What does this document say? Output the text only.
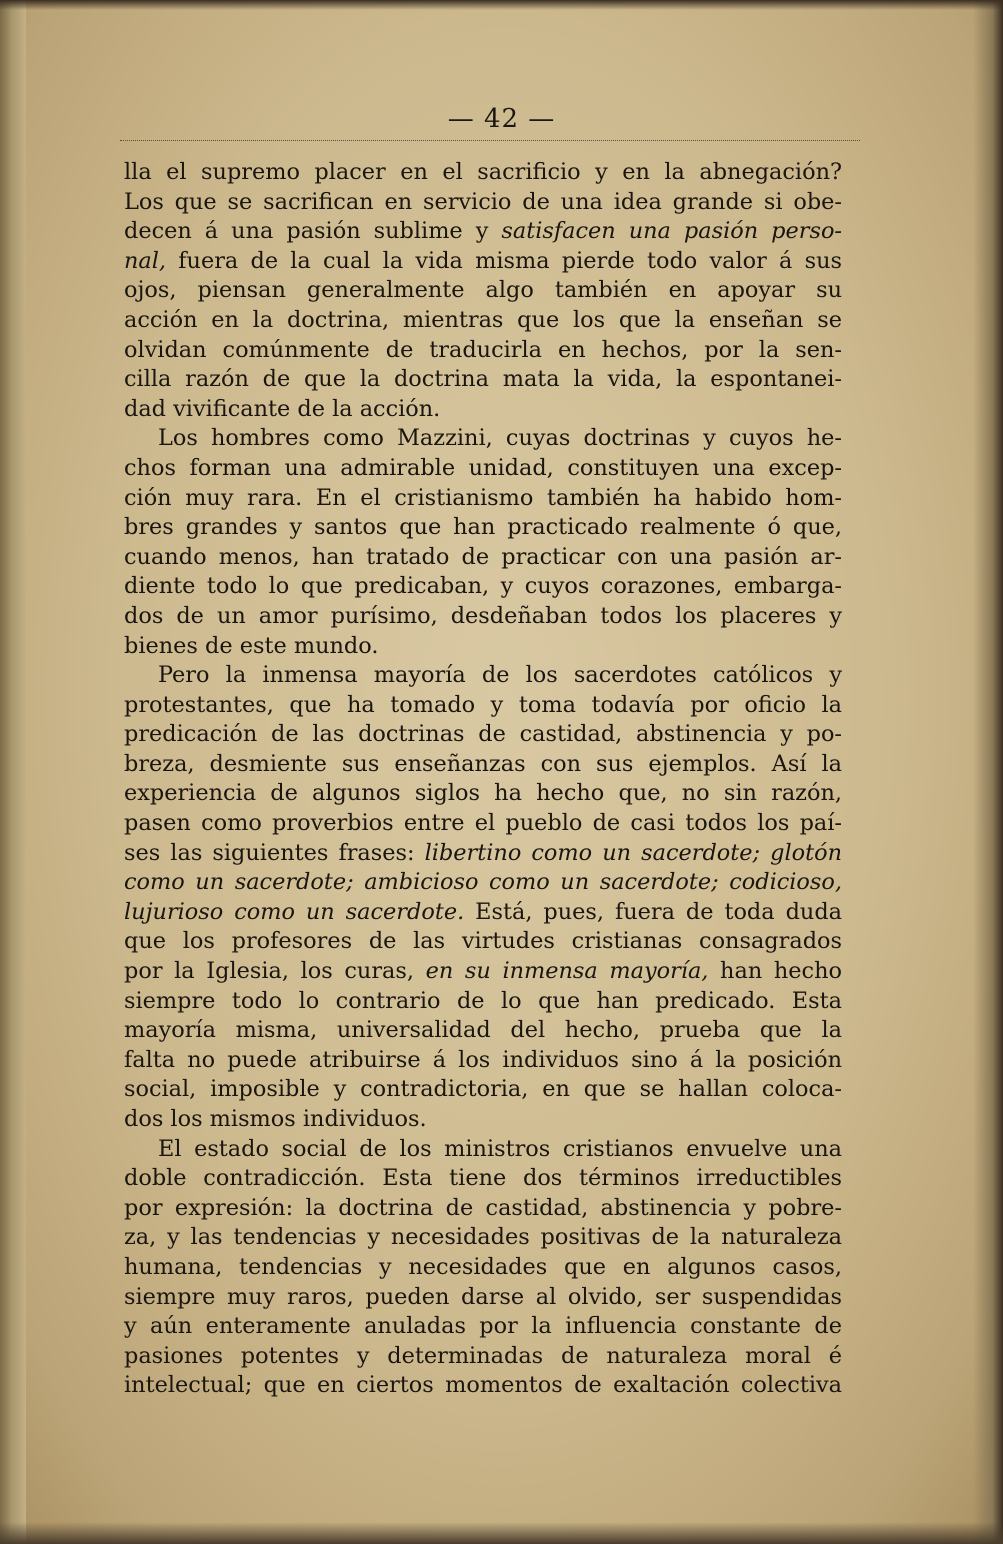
— 42 —
lla el supremo placer en el sacrificio y en la abnegación?
Los que se sacrifican en servicio de una idea grande si obe-
decen á una pasión sublime y satisfacen una pasión perso-
nal, fuera de la cual la vida misma pierde todo valor á sus
ojos, piensan generalmente algo también en apoyar su
acción en la doctrina, mientras que los que la enseñan se
olvidan comúnmente de traducirla en hechos, por la sen-
cilla razón de que la doctrina mata la vida, la espontanei-
dad vivificante de la acción.
Los hombres como Mazzini, cuyas doctrinas y cuyos he-
chos forman una admirable unidad, constituyen una excep-
ción muy rara. En el cristianismo también ha habido hom-
bres grandes y santos que han practicado realmente ó que,
cuando menos, han tratado de practicar con una pasión ar-
diente todo lo que predicaban, y cuyos corazones, embarga-
dos de un amor purísimo, desdeñaban todos los placeres y
bienes de este mundo.
Pero la inmensa mayoría de los sacerdotes católicos y
protestantes, que ha tomado y toma todavía por oficio la
predicación de las doctrinas de castidad, abstinencia y po-
breza, desmiente sus enseñanzas con sus ejemplos. Así la
experiencia de algunos siglos ha hecho que, no sin razón,
pasen como proverbios entre el pueblo de casi todos los paí-
ses las siguientes frases: libertino como un sacerdote; glotón
como un sacerdote; ambicioso como un sacerdote; codicioso,
lujurioso como un sacerdote. Está, pues, fuera de toda duda
que los profesores de las virtudes cristianas consagrados
por la Iglesia, los curas, en su inmensa mayoría, han hecho
siempre todo lo contrario de lo que han predicado. Esta
mayoría misma, universalidad del hecho, prueba que la
falta no puede atribuirse á los individuos sino á la posición
social, imposible y contradictoria, en que se hallan coloca-
dos los mismos individuos.
El estado social de los ministros cristianos envuelve una
doble contradicción. Esta tiene dos términos irreductibles
por expresión: la doctrina de castidad, abstinencia y pobre-
za, y las tendencias y necesidades positivas de la naturaleza
humana, tendencias y necesidades que en algunos casos,
siempre muy raros, pueden darse al olvido, ser suspendidas
y aún enteramente anuladas por la influencia constante de
pasiones potentes y determinadas de naturaleza moral é
intelectual; que en ciertos momentos de exaltación colectiva
